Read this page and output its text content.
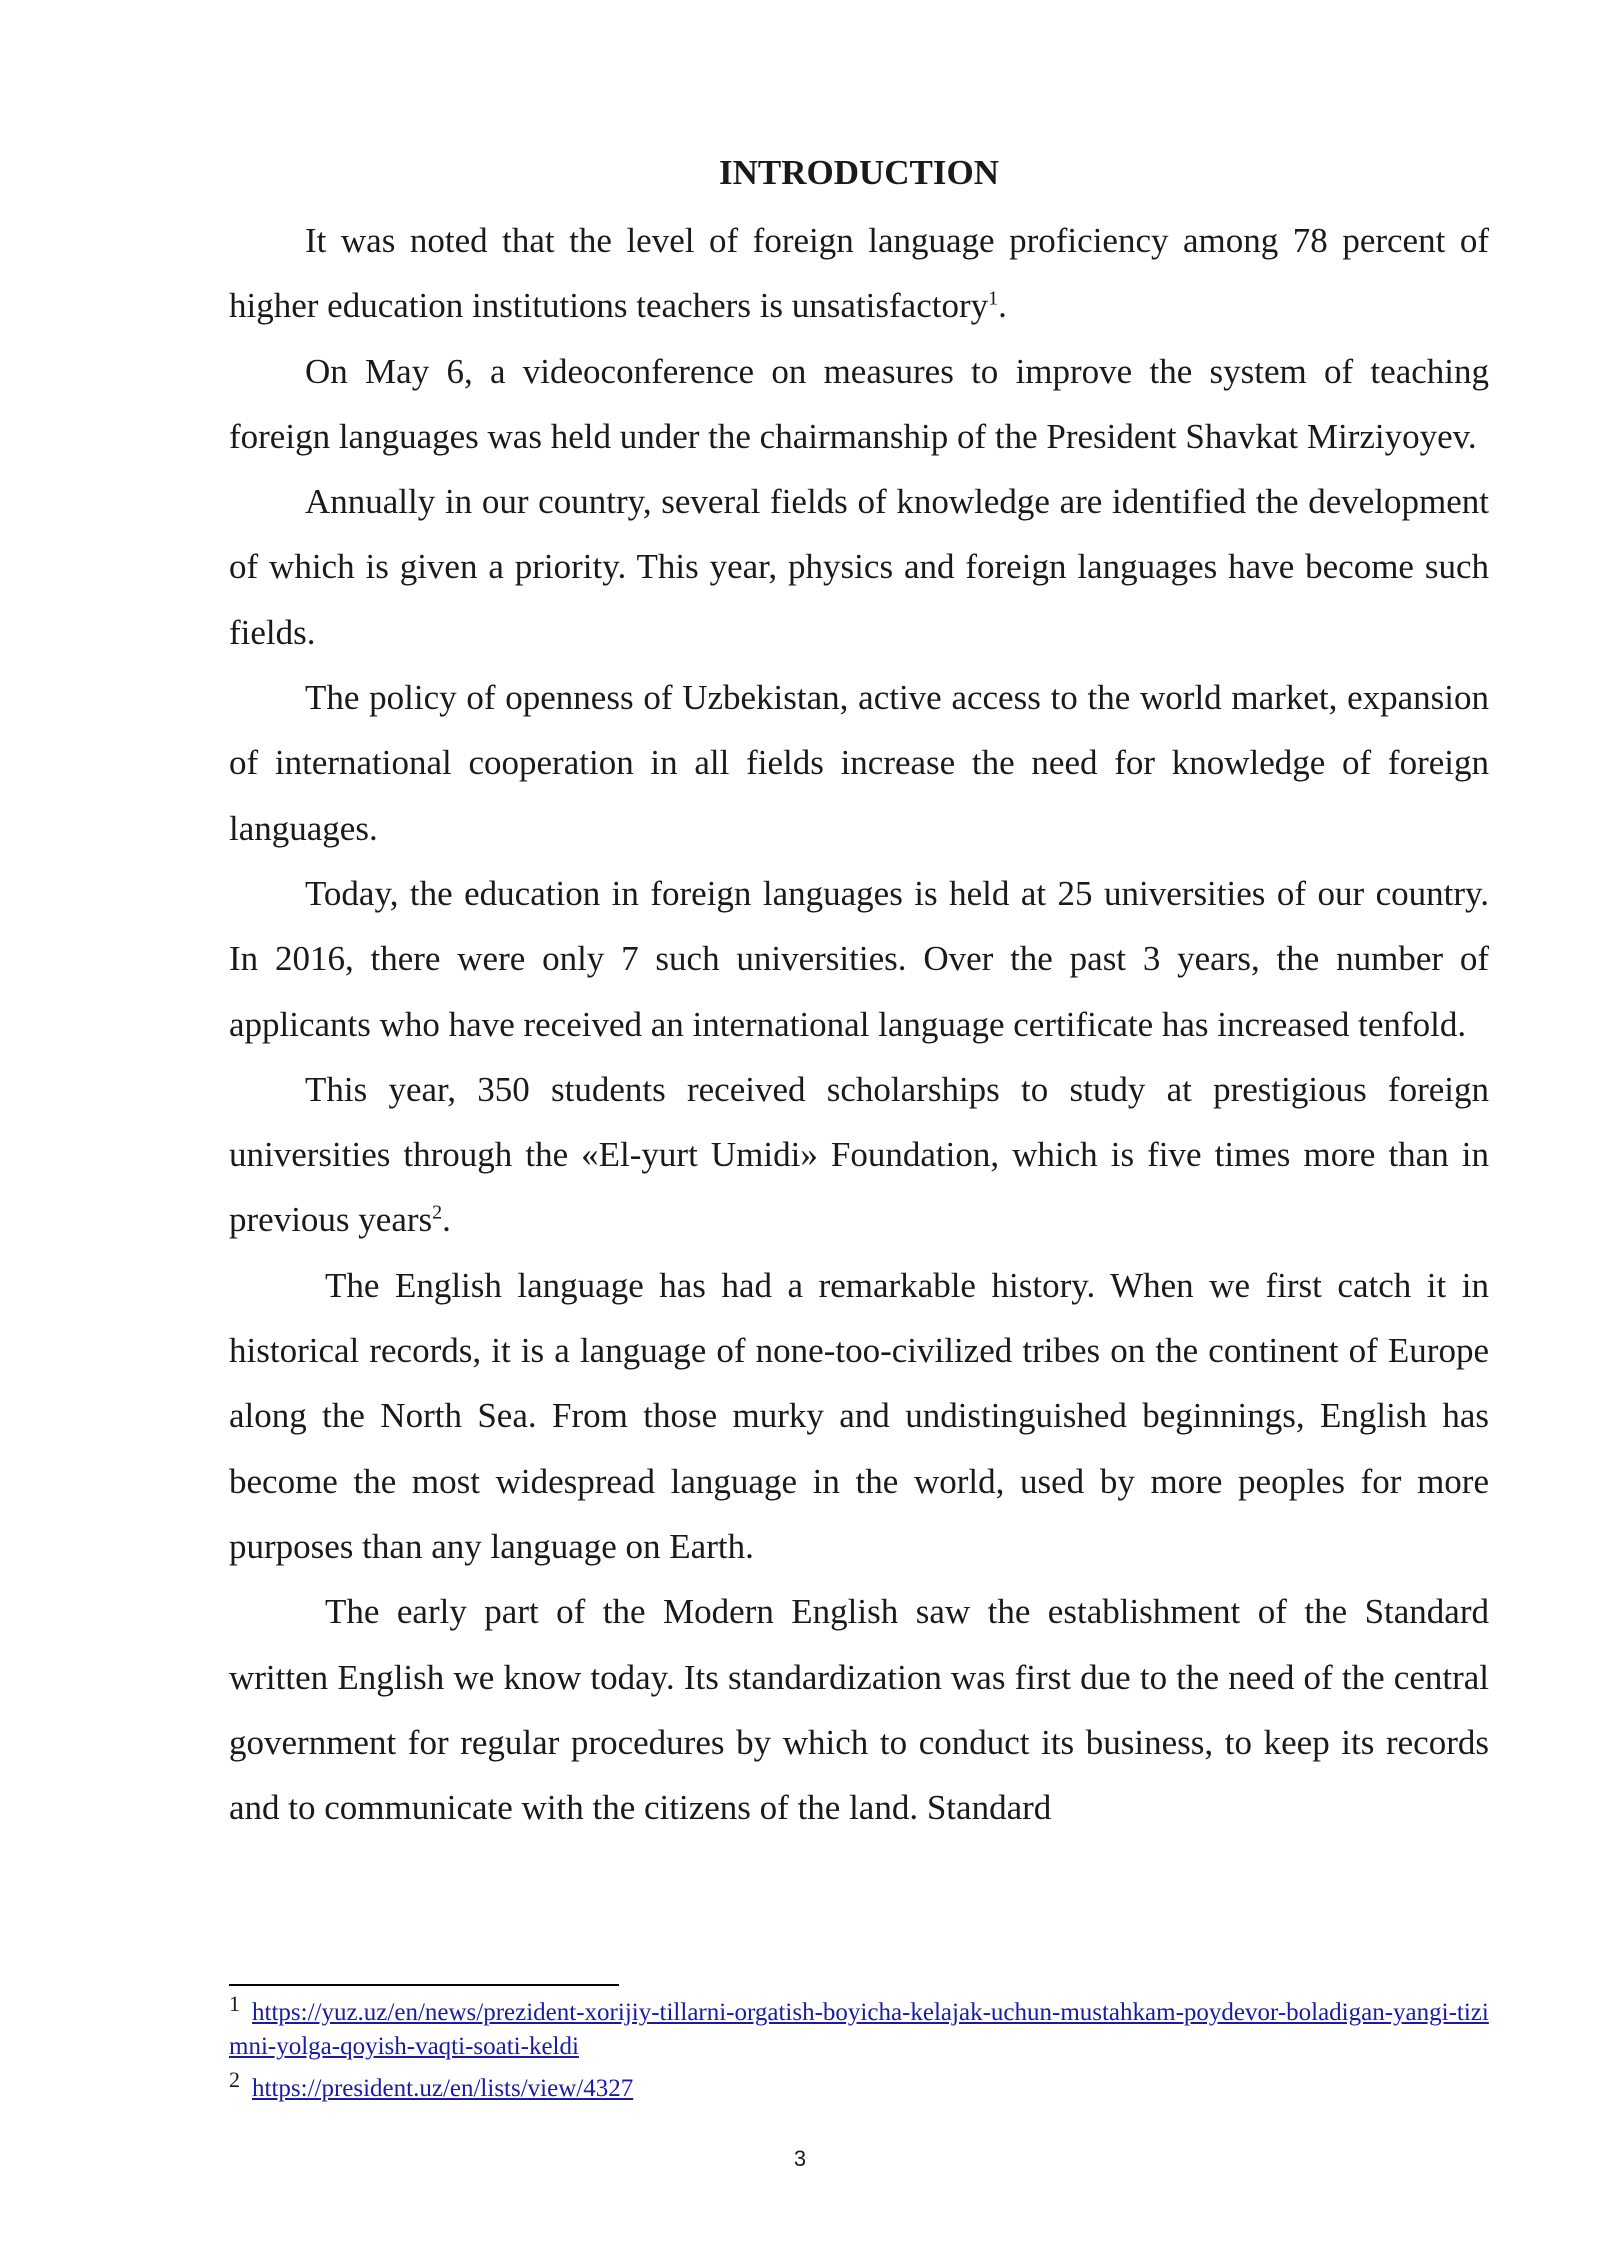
INTRODUCTION

It was noted that the level of foreign language proficiency among 78 percent of higher education institutions teachers is unsatisfactory$^1$.

On May 6, a videoconference on measures to improve the system of teaching foreign languages was held under the chairmanship of the President Shavkat Mirziyoyev.

Annually in our country, several fields of knowledge are identified the development of which is given a priority. This year, physics and foreign languages have become such fields.

The policy of openness of Uzbekistan, active access to the world market, expansion of international cooperation in all fields increase the need for knowledge of foreign languages.

Today, the education in foreign languages is held at 25 universities of our country. In 2016, there were only 7 such universities. Over the past 3 years, the number of applicants who have received an international language certificate has increased tenfold.

This year, 350 students received scholarships to study at prestigious foreign universities through the «El-yurt Umidi» Foundation, which is five times more than in previous years$^2$.

The English language has had a remarkable history. When we first catch it in historical records, it is a language of none-too-civilized tribes on the continent of Europe along the North Sea. From those murky and undistinguished beginnings, English has become the most widespread language in the world, used by more peoples for more purposes than any language on Earth.

The early part of the Modern English saw the establishment of the Standard written English we know today. Its standardization was first due to the need of the central government for regular procedures by which to conduct its business, to keep its records and to communicate with the citizens of the land. Standard

1 https://yuz.uz/en/news/prezident-xorijiy-tillarni-orgatish-boyicha-kelajak-uchun-mustahkam-poydevor-boladigan-yangi-tizimni-yolga-qoyish-vaqti-soati-keldi

2 https://president.uz/en/lists/view/4327

3
